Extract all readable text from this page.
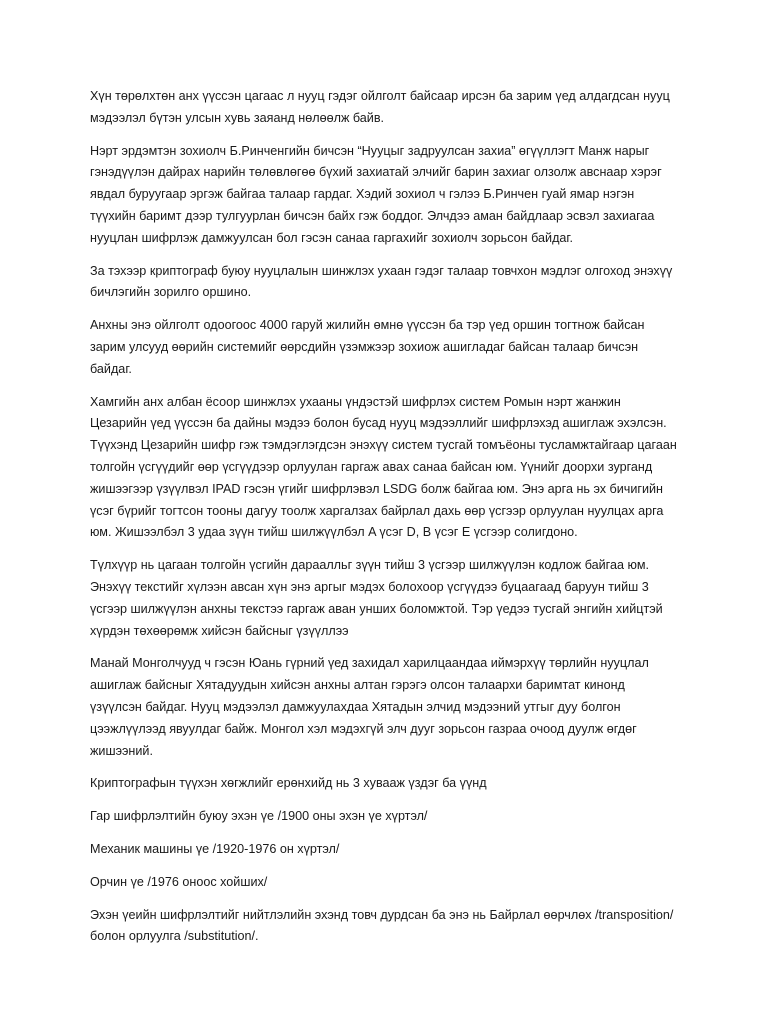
Хүн төрөлхтөн анх үүссэн цагаас л нууц гэдэг ойлголт байсаар ирсэн ба зарим үед алдагдсан нууц
мэдээлэл бүтэн улсын хувь заяанд нөлөөлж байв.

Нэрт эрдэмтэн зохиолч Б.Ринченгийн бичсэн “Нууцыг задруулсан захиа” өгүүллэгт Манж нарыг
гэнэдүүлэн дайрах нарийн төлөвлөгөө бүхий захиатай элчийг барин захиаг олзолж авснаар хэрэг
явдал буруугаар эргэж байгаа талаар гардаг. Хэдий зохиол ч гэлээ Б.Ринчен гуай ямар нэгэн
түүхийн баримт дээр тулгуурлан бичсэн байх гэж боддог. Элчдээ аман байдлаар эсвэл захиагаа
нууцлан шифрлэж дамжуулсан бол гэсэн санаа гаргахийг зохиолч зорьсон байдаг.

За тэхээр криптограф буюу нууцлалын шинжлэх ухаан гэдэг талаар товчхон мэдлэг олгоход энэхүү
бичлэгийн зорилго оршино.

Анхны энэ ойлголт одоогоос 4000 гаруй жилийн өмнө үүссэн ба тэр үед оршин тогтнож байсан
зарим улсууд өөрийн системийг өөрсдийн үзэмжээр зохиож ашигладаг байсан талаар бичсэн
байдаг.

Хамгийн анх албан ёсоор шинжлэх ухааны үндэстэй шифрлэх систем Ромын нэрт жанжин
Цезарийн үед үүссэн ба дайны мэдээ болон бусад нууц мэдээллийг шифрлэхэд ашиглаж эхэлсэн.
Түүхэнд Цезарийн шифр гэж тэмдэглэгдсэн энэхүү систем тусгай томъёоны тусламжтайгаар цагаан
толгойн үсгүүдийг өөр үсгүүдээр орлуулан гаргаж авах санаа байсан юм. Үүнийг доорхи зурганд
жишээгээр үзүүлвэл IPAD гэсэн үгийг шифрлэвэл LSDG болж байгаа юм. Энэ арга нь эх бичигийн
үсэг бүрийг тогтсон тооны дагуу тоолж харгалзах байрлал дахь өөр үсгээр орлуулан нуулцах арга
юм. Жишээлбэл 3 удаа зүүн тийш шилжүүлбэл A үсэг D, B үсэг E үсгээр солигдоно.

Түлхүүр нь цагаан толгойн үсгийн дараалльг зүүн тийш 3 үсгээр шилжүүлэн кодлож байгаа юм.
Энэхүү текстийг хүлээн авсан хүн энэ аргыг мэдэх болохоор үсгүүдээ буцаагаад баруун тийш 3
үсгээр шилжүүлэн анхны текстээ гаргаж аван унших боломжтой. Тэр үедээ тусгай энгийн хийцтэй
хүрдэн төхөөрөмж хийсэн байсныг үзүүллээ

Манай Монголчууд ч гэсэн Юань гүрний үед захидал харилцаандаа иймэрхүү төрлийн нууцлал
ашиглаж байсныг Хятадуудын хийсэн анхны алтан гэрэгэ олсон талаархи баримтат кинонд
үзүүлсэн байдаг. Нууц мэдээлэл дамжуулахдаа Хятадын элчид мэдээний утгыг дуу болгон
цээжлүүлээд явуулдаг байж. Монгол хэл мэдэхгүй элч дууг зорьсон газраа очоод дуулж өгдөг
жишээний.

Криптографын түүхэн хөгжлийг ерөнхийд нь 3 хувааж үздэг ба үүнд

Гар шифрлэлтийн буюу эхэн үе /1900 оны эхэн үе хүртэл/

Механик машины үе /1920-1976 он хүртэл/

Орчин үе /1976 оноос хойших/

Эхэн үеийн шифрлэлтийг нийтлэлийн эхэнд товч дурдсан ба энэ нь Байрлал өөрчлөх /transposition/
болон орлуулга /substitution/.
